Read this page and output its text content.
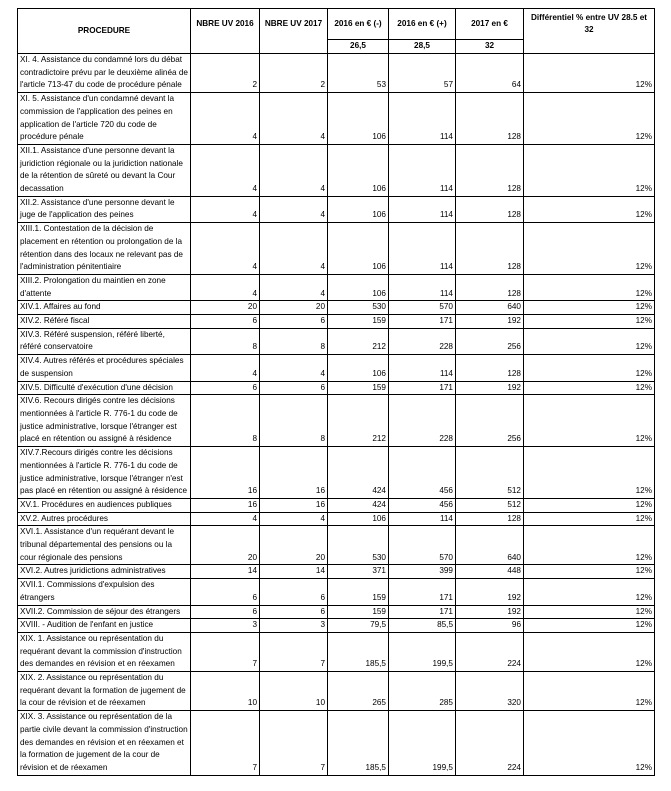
PROCEDURE	NBRE UV 2016	NBRE UV 2017	2016 en € (-)	2016 en € (+)	2017 en €	Différentiel % entre UV 28.5 et 32
			26,5	28,5	32	
XI. 4. Assistance du condamné lors du débat contradictoire prévu par le deuxième alinéa de l'article 713-47 du code de procédure pénale	2	2	53	57	64	12%
XI. 5. Assistance d'un condamné devant la commission de l'application des peines en application de l'article 720 du code de procédure pénale	4	4	106	114	128	12%
XII.1. Assistance d'une personne devant la juridiction régionale ou la juridiction nationale de la rétention de sûreté ou devant la Cour decassation	4	4	106	114	128	12%
XII.2. Assistance d'une personne devant le juge de l'application des peines	4	4	106	114	128	12%
XIII.1. Contestation de la décision de placement en rétention ou prolongation de la rétention dans des locaux ne relevant pas de l'administration pénitentiaire	4	4	106	114	128	12%
XIII.2. Prolongation du maintien en zone d'attente	4	4	106	114	128	12%
XIV.1. Affaires au fond	20	20	530	570	640	12%
XIV.2. Référé fiscal	6	6	159	171	192	12%
XIV.3. Référé suspension, référé liberté, référé conservatoire	8	8	212	228	256	12%
XIV.4. Autres référés et procédures spéciales de suspension	4	4	106	114	128	12%
XIV.5. Difficulté d'exécution d'une décision	6	6	159	171	192	12%
XIV.6. Recours dirigés contre les décisions mentionnées à l'article R. 776-1 du code de justice administrative, lorsque l'étranger est placé en rétention ou assigné à résidence	8	8	212	228	256	12%
XIV.7.Recours dirigés contre les décisions mentionnées à l'article R. 776-1 du code de justice administrative, lorsque l'étranger n'est pas placé en rétention ou assigné à résidence	16	16	424	456	512	12%
XV.1. Procédures en audiences publiques	16	16	424	456	512	12%
XV.2. Autres procédures	4	4	106	114	128	12%
XVI.1. Assistance d'un requérant devant le tribunal départemental des pensions ou la cour régionale des pensions	20	20	530	570	640	12%
XVI.2. Autres juridictions administratives	14	14	371	399	448	12%
XVII.1. Commissions d'expulsion des étrangers	6	6	159	171	192	12%
XVII.2. Commission de séjour des étrangers	6	6	159	171	192	12%
XVIII. - Audition de l'enfant en justice	3	3	79,5	85,5	96	12%
XIX. 1. Assistance ou représentation du requérant devant la commission d'instruction des demandes en révision et en réexamen	7	7	185,5	199,5	224	12%
XIX. 2. Assistance ou représentation du requérant devant la formation de jugement de la cour de révision et de réexamen	10	10	265	285	320	12%
XIX. 3. Assistance ou représentation de la partie civile devant la commission d'instruction des demandes en révision et en réexamen et la formation de jugement de la cour de révision et de réexamen	7	7	185,5	199,5	224	12%
